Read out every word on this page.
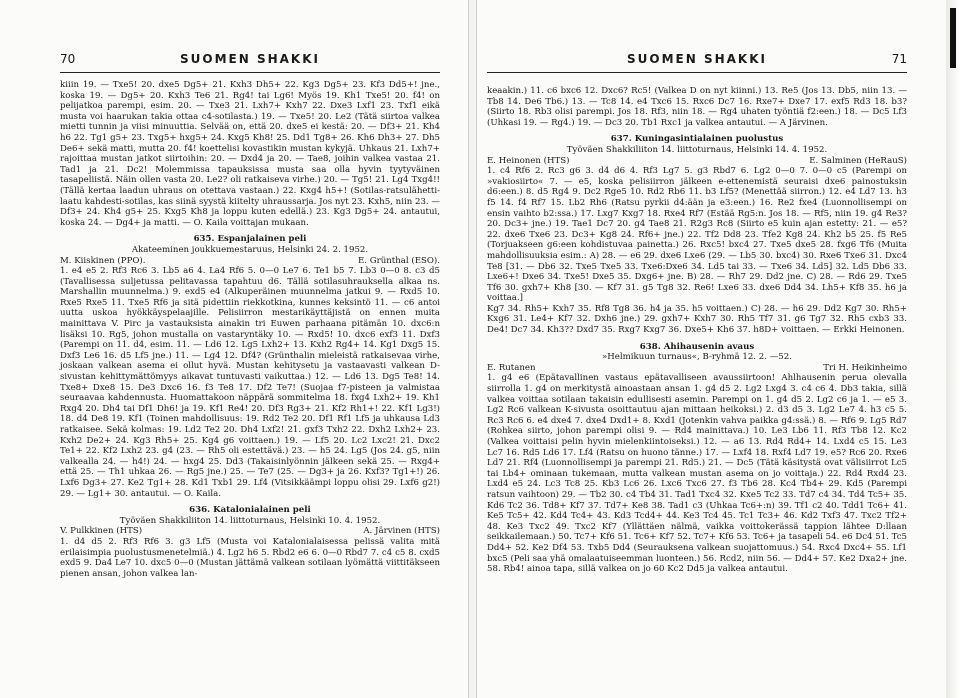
70	SUOMEN SHAKKI

kiiin 19. — Txe5! 20. dxe5 Dg5+ 21. Kxh3 Dh5+ 22. Kg3 Dg5+ 23. Kf3 Dd5+! jne., koska 19. — Dg5+ 20. Kxh3 Te6 21. Rg4! tai Lg6! Myös 19. Kh1 Txe5! 20. f4! on pelijatkoa parempi, esim. 20. — Txe3 21. Lxh7+ Kxh7 22. Dxe3 Lxf1 23. Txf1 eikä musta voi haarukan takia ottaa c4-sotilasta.) 19. — Txe5! 20. Le2 (Tätä siirtoa valkea mietti tunnin ja viisi minuuttia. Selvää on, että 20. dxe5 ei kestä: 20. — Df3+ 21. Kh4 h6 22. Tg1 g5+ 23. Txg5+ hxg5+ 24. Kxg5 Kh8! 25. Dd1 Tg8+ 26. Kh6 Dh3+ 27. Dh5 De6+ sekä matti, mutta 20. f4! koettelisi kovastikin mustan kykyjä. Uhkaus 21. Lxh7+ rajoittaa mustan jatkot siirtoihin: 20. — Dxd4 ja 20. — Tae8, joihin valkea vastaa 21. Tad1 ja 21. Dc2! Molemmissa tapauksissa musta saa olla hyvin tyytyväinen tasapeliistä. Näin ollen vasta 20. Le2? oli ratkaiseva virhe.) 20. — Tg5! 21. Lg4 Txg4!! (Tällä kertaa laadun uhraus on otettava vastaan.) 22. Kxg4 h5+! (Sotilas-ratsulähetti-laatu kahdesti-sotilas, kas siinä syystä kiitelty uhraussarja. Jos nyt 23. Kxh5, niin 23. — Df3+ 24. Kh4 g5+ 25. Kxg5 Kh8 ja loppu kuten edellä.) 23. Kg3 Dg5+ 24. antautui, koska 24. — Dg4+ ja matti. — O. Kaila voittajan mukaan.

635. Espanjalainen peli

Akateeminen joukkuemestaruus, Helsinki 24. 2. 1952.

M. Kiiskinen (PPO).	E. Grünthal (ESO).

1. e4 e5 2. Rf3 Rc6 3. Lb5 a6 4. La4 Rf6 5. 0—0 Le7 6. Te1 b5 7. Lb3 0—0 8. c3 d5 (Tavallisessa suljetussa pelitavassa tapahtuu d6. Tällä sotilasuhrauksella alkaa ns. Marshallin muunnelma.) 9. exd5 e4 (Alkuperäinen muunnelma jatkui 9. — Rxd5 10. Rxe5 Rxe5 11. Txe5 Rf6 ja sitä pidettiin riekkotkina, kunnes keksintö 11. — c6 antoi uutta uskoa hyökkäyspelaajille. Pelisiirron mestarikäyttäjistä on ennen muita mainittava V. Pirc ja vastauksista ainakin tri Euwen parhaana pitämän 10. dxc6:n lisäksi 10. Rg5, johon mustalla on vastaryntäky 10. — Rxd5! 10. dxc6 exf3 11. Dxf3 (Parempi on 11. d4, esim. 11. — Ld6 12. Lg5 Lxh2+ 13. Kxh2 Rg4+ 14. Kg1 Dxg5 15. Dxf3 Le6 16. d5 Lf5 jne.) 11. — Lg4 12. Df4? (Grünthalin mieleistä ratkaisevaa virhe, joskaan valkean asema ei ollut hyvä. Mustan kehitysetu ja vastaavasti valkean D-sivustan kehittymättömyys aikavat tuntuvasti vaikuttaa.) 12. — Ld6 13. Dg5 Te8! 14. Txe8+ Dxe8 15. De3 Dxc6 16. f3 Te8 17. Df2 Te7! (Suojaa f7-pisteen ja valmistaa seuraavaa kahdennusta. Huomattakoon näppärä sommitelma 18. fxg4 Lxh2+ 19. Kh1 Rxg4 20. Dh4 tai Df1 Dh6! ja 19. Kf1 Re4! 20. Df3 Rg3+ 21. Kf2 Rh1+! 22. Kf1 Lg3!) 18. d4 De8 19. Kf1 (Toinen mahdollisuus: 19. Rd2 Te2 20. Df1 Rf1 Lf5 ja uhkausa Ld3 ratkaisee. Sekä kolmas: 19. Ld2 Te2 20. Dh4 Lxf2! 21. gxf3 Txh2 22. Dxh2 Lxh2+ 23. Kxh2 De2+ 24. Kg3 Rh5+ 25. Kg4 g6 voittaen.) 19. — Lf5 20. Lc2 Lxc2! 21. Dxc2 Te1+ 22. Kf2 Lxh2 23. g4 (23. — Rh5 oli estettävä.) 23. — h5 24. Lg5 (Jos 24. g5, niin valkealla 24. — h4!) 24. — hxg4 25. Dd3 (Takaisinlyönnin jälkeen sekä 25. — Rxg4+ että 25. — Th1 uhkaa 26. — Rg5 jne.) 25. — Te7 (25. — Dg3+ ja 26. Kxf3? Tg1+!) 26. Lxf6 Dg3+ 27. Ke2 Tg1+ 28. Kd1 Txb1 29. Lf4 (Vitsikkäämpi loppu olisi 29. Lxf6 g2!) 29. — Lg1+ 30. antautui. — O. Kaila.

636. Katalonialainen peli

Työväen Shakkiliiton 14. liittoturnaus, Helsinki 10. 4. 1952.

V. Pulkkinen (HTS)	A. Järvinen (HTS)

1. d4 d5 2. Rf3 Rf6 3. g3 Lf5 (Musta voi Katalonialaisessa pelissä valita mitä erilaisimpia puolustusmenetelmiä.) 4. Lg2 h6 5. Rbd2 e6 6. 0—0 Rbd7 7. c4 c5 8. cxd5 exd5 9. Da4 Le7 10. dxc5 0—0 (Mustan jättämä valkean sotilaan lyömättä viittitäkseen pienen ansan, johon valkea lan-

SUOMEN SHAKKI	71

keaakin.) 11. c6 bxc6 12. Dxc6? Rc5! (Valkea D on nyt kiinni.) 13. Re5 (Jos 13. Db5, niin 13. — Tb8 14. De6 Tb6.) 13. — Tc8 14. e4 Txc6 15. Rxc6 Dc7 16. Rxe7+ Dxe7 17. exf5 Rd3 18. b3? (Siirto 18. Rb3 olisi parempi. Jos 18. Rf3, niin 18. — Rg4 uhaten työntiä f2:een.) 18. — Dc5 Lf3 (Uhkasi 19. — Rg4.) 19. — Dc3 20. Tb1 Rxc1 ja valkea antautui. — A Järvinen.

637. Kuningasintialainen puolustus

Työväen Shakkiliiton 14. liittoturnaus, Helsinki 14. 4. 1952.

E. Heinonen (HTS)	E. Salminen (HeRauS)

1. c4 Rf6 2. Rc3 g6 3. d4 d6 4. Rf3 Lg7 5. g3 Rbd7 6. Lg2 0—0 7. 0—0 c5 (Parempi on »vakiosiirto« 7. — e5, koska pelisiirron jälkeen e-ettenemistä seuraisi dxe6 painostuksin d6:een.) 8. d5 Rg4 9. Dc2 Rge5 10. Rd2 Rb6 11. b3 Lf5? (Menettää siirron.) 12. e4 Ld7 13. h3 f5 14. f4 Rf7 15. Lb2 Rh6 (Ratsu pyrkii d4:ään ja e3:een.) 16. Re2 fxe4 (Luonnollisempi on ensin vaihto b2:ssa.) 17. Lxg7 Kxg7 18. Rxe4 Rf7 (Estää Rg5:n. Jos 18. — Rf5, niin 19. g4 Re3? 20. Dc3+ jne.) 19. Tae1 Dc7 20. g4 Tae8 21. R2g3 Rc8 (Siirto e5 kuin ajan estetty: 21. — e5? 22. dxe6 Txe6 23. Dc3+ Kg8 24. Rf6+ jne.) 22. Tf2 Dd8 23. Tfe2 Kg8 24. Kh2 b5 25. f5 Re5 (Torjuakseen g6:een kohdistuvaa painetta.) 26. Rxc5! bxc4 27. Txe5 dxe5 28. fxg6 Tf6 (Muita mahdollisuuksia esim.: A) 28. — e6 29. dxe6 Lxe6 (29. — Lb5 30. bxc4) 30. Rxe6 Txe6 31. Dxc4 Te8 [31. — Db6 32. Txe5 Txe5 33. Txe6:Dxe6 34. Ld5 tai 33. — Txe6 34. Ld5] 32. Ld5 Db6 33. Lxe6+! Dxe6 34. Txe5! Dxe5 35. Dxg6+ jne. B) 28. — Rh7 29. Dd2 jne. C) 28. — Rd6 29. Txe5 Tf6 30. gxh7+ Kh8 [30. — Kf7 31. g5 Tg8 32. Re6! Lxe6 33. dxe6 Dd4 34. Lh5+ Kf8 35. h6 ja voittaa.]

Kg7 34. Rh5+ Kxh7 35. Rf8 Tg8 36. h4 ja 35. h5 voittaen.) C) 28. — h6 29. Dd2 Kg7 30. Rh5+ Kxg6 31. Le4+ Kf7 32. Dxh6 jne.) 29. gxh7+ Kxh7 30. Rh5 Tf7 31. g6 Tg7 32. Rh5 cxb3 33. De4! Dc7 34. Kh3?? Dxd7 35. Rxg7 Kxg7 36. Dxe5+ Kh6 37. h8D+ voittaen. — Erkki Heinonen.

638. Ahihausenin avaus

»Helmikuun turnaus«, B-ryhmä 12. 2. —52.

E. Rutanen	Tri H. Heikinheimo

1. g4 e6 (Epätavallinen vastaus epätavalliseen avaussiirtoon! Ahlhausenin perua olevalla siirrolla 1. g4 on merkitystä ainoastaan ansan 1. g4 d5 2. Lg2 Lxg4 3. c4 c6 4. Db3 takia, sillä valkea voittaa sotilaan takaisin edullisesti asemin. Parempi on 1. g4 d5 2. Lg2 c6 ja 1. — e5 3. Lg2 Rc6 valkean K-sivusta osoittautuu ajan mittaan heikoksi.) 2. d3 d5 3. Lg2 Le7 4. h3 c5 5. Rc3 Rc6 6. e4 dxe4 7. dxe4 Dxd1+ 8. Kxd1 (Jotenkin vahva paikka g4:ssä.) 8. — Rf6 9. Lg5 Rd7 (Rohkea siirto, johon parempi olisi 9. — Rd4 mainittava.) 10. Le3 Lb6 11. Rf3 Tb8 12. Kc2 (Valkea voittaisi pelin hyvin mielenkiintoiseksi.) 12. — a6 13. Rd4 Rd4+ 14. Lxd4 c5 15. Le3 Lc7 16. Rd5 Ld6 17. Lf4 (Ratsu on huono tänne.) 17. — Lxf4 18. Rxf4 Ld7 19. e5? Rc6 20. Rxe6 Ld7 21. Rf4 (Luonnollisempi ja parempi 21. Rd5.) 21. — Dc5 (Tätä käsitystä ovat välisiirrot Lc5 tai Lb4+ ominaan tukemaan, mutta valkean mustan asema on jo voittaja.) 22. Rd4 Rxd4 23. Lxd4 e5 24. Lc3 Tc8 25. Kb3 Lc6 26. Lxc6 Txc6 27. f3 Tb6 28. Kc4 Tb4+ 29. Kd5 (Parempi ratsun vaihtoon) 29. — Tb2 30. c4 Tb4 31. Tad1 Txc4 32. Kxe5 Tc2 33. Td7 c4 34. Td4 Tc5+ 35. Kd6 Tc2 36. Td8+ Kf7 37. Td7+ Ke8 38. Tad1 c3 (Uhkaa Tc6+:n) 39. Tf1 c2 40. Tdd1 Tc6+ 41. Ke5 Tc5+ 42. Kd4 Tc4+ 43. Kd3 Tcd4+ 44. Ke3 Tc4 45. Tc1 Tc3+ 46. Kd2 Txf3 47. Txc2 Tf2+ 48. Ke3 Txc2 49. Txc2 Kf7 (Yllättäen nälmä, vaikka voittokerässä tappion lähtee D:llaan seikkailemaan.) 50. Tc7+ Kf6 51. Tc6+ Kf7 52. Tc7+ Kf6 53. Tc6+ ja tasapeli 54. e6 Dc4 51. Tc5 Dd4+ 52. Ke2 Df4 53. Txb5 Dd4 (Seurauksena valkean suojattomuus.) 54. Rxc4 Dxc4+ 55. Lf1 bxc5 (Peli saa yhä omalaatuiseemman luonteen.) 56. Rcd2, niin 56. — Dd4+ 57. Ke2 Dxa2+ jne. 58. Rb4! ainoa tapa, sillä valkea on jo 60 Kc2 Dd5 ja valkea antautui.
